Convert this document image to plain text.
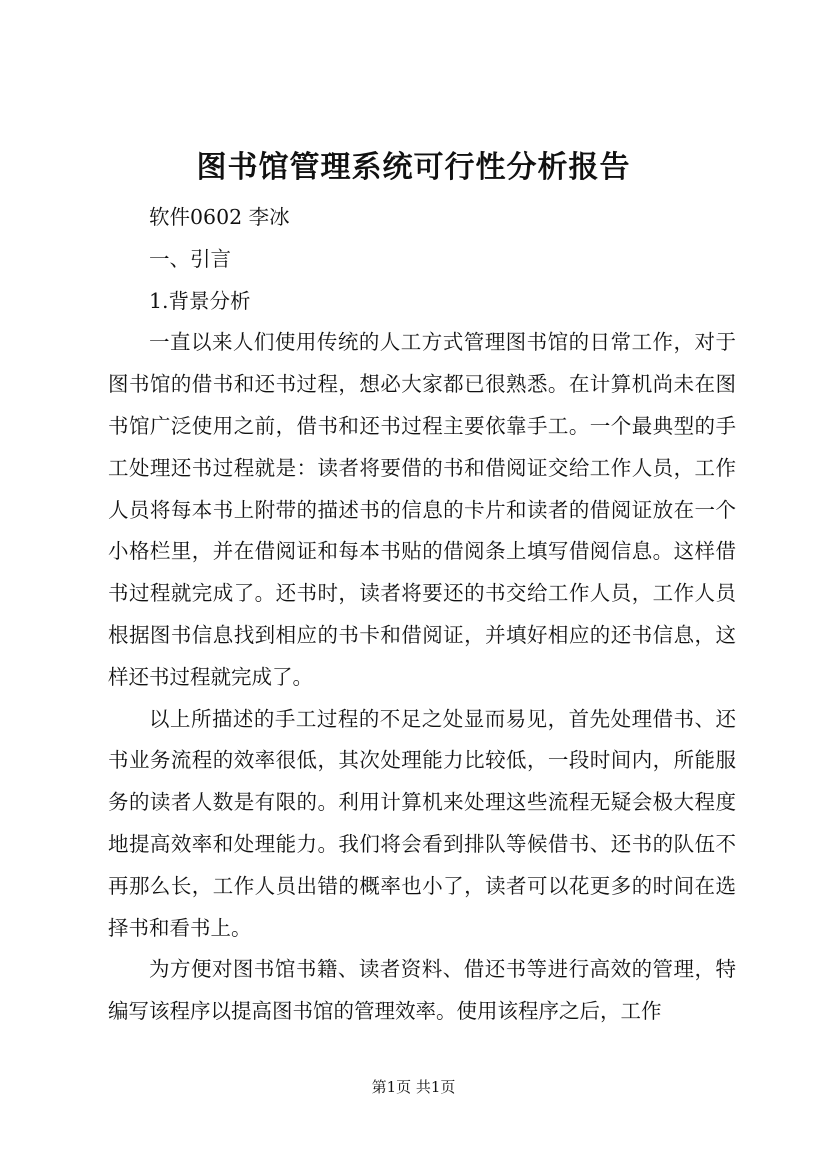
图书馆管理系统可行性分析报告

软件0602 李冰

一、引言

1.背景分析

一直以来人们使用传统的人工方式管理图书馆的日常工作，对于图书馆的借书和还书过程，想必大家都已很熟悉。在计算机尚未在图书馆广泛使用之前，借书和还书过程主要依靠手工。一个最典型的手工处理还书过程就是：读者将要借的书和借阅证交给工作人员，工作人员将每本书上附带的描述书的信息的卡片和读者的借阅证放在一个小格栏里，并在借阅证和每本书贴的借阅条上填写借阅信息。这样借书过程就完成了。还书时，读者将要还的书交给工作人员，工作人员根据图书信息找到相应的书卡和借阅证，并填好相应的还书信息，这样还书过程就完成了。

以上所描述的手工过程的不足之处显而易见，首先处理借书、还书业务流程的效率很低，其次处理能力比较低，一段时间内，所能服务的读者人数是有限的。利用计算机来处理这些流程无疑会极大程度地提高效率和处理能力。我们将会看到排队等候借书、还书的队伍不再那么长，工作人员出错的概率也小了，读者可以花更多的时间在选择书和看书上。

为方便对图书馆书籍、读者资料、借还书等进行高效的管理，特编写该程序以提高图书馆的管理效率。使用该程序之后，工作

第1页 共1页
